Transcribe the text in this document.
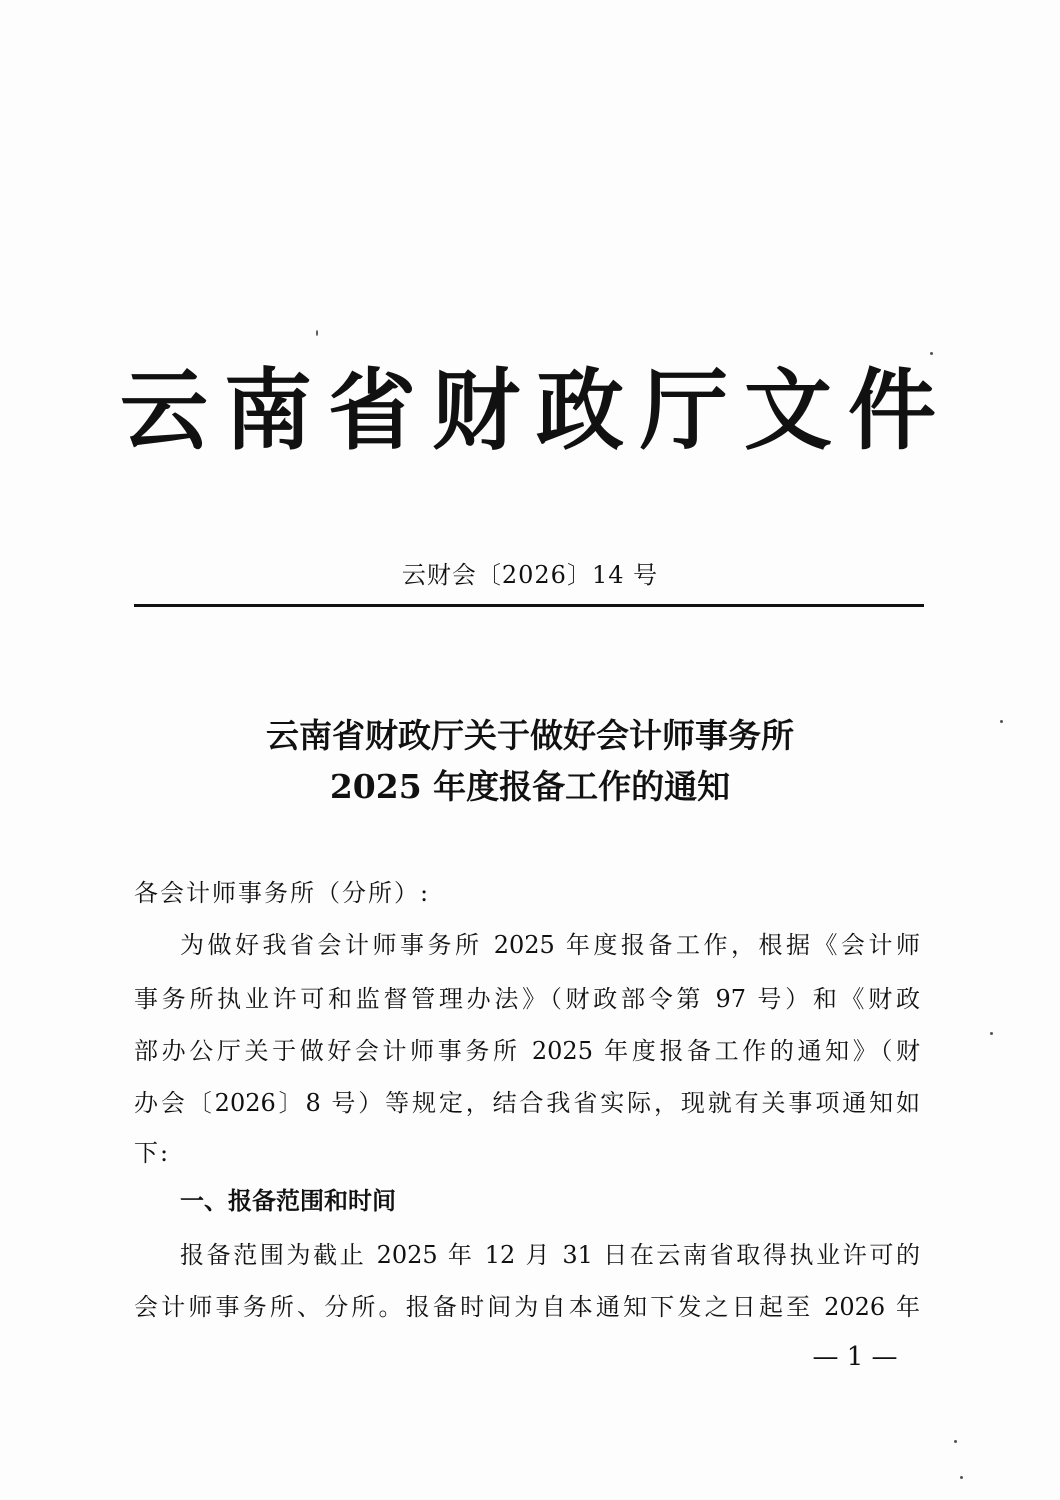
云南省财政厅文件
云财会〔2026〕14 号
云南省财政厅关于做好会计师事务所
2025 年度报备工作的通知
各会计师事务所（分所）:
为做好我省会计师事务所 2025 年度报备工作，根据《会计师
事务所执业许可和监督管理办法》（财政部令第 97 号）和《财政
部办公厅关于做好会计师事务所 2025 年度报备工作的通知》（财
办会〔2026〕8 号）等规定，结合我省实际，现就有关事项通知如
下:
一、报备范围和时间
报备范围为截止 2025 年 12 月 31 日在云南省取得执业许可的
会计师事务所、分所。报备时间为自本通知下发之日起至 2026 年
— 1 —
